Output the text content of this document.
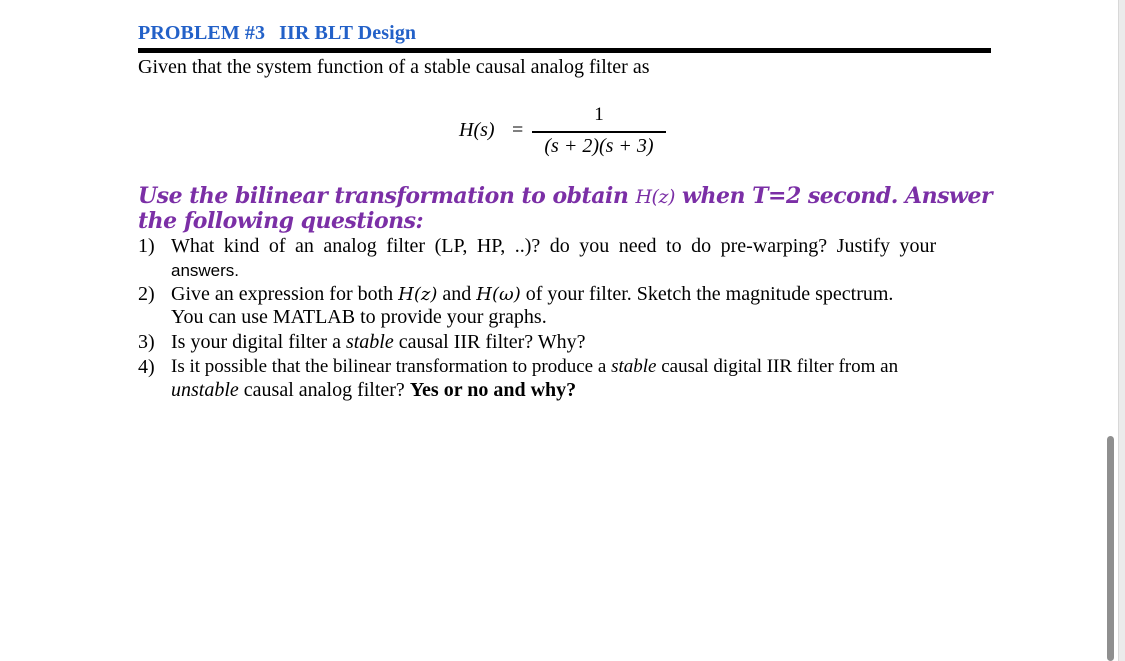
PROBLEM #3 IIR BLT Design
Given that the system function of a stable causal analog filter as
H(s) =
1
(s + 2)(s + 3)
Use the bilinear transformation to obtain H(z) when T=2 second. Answer the following questions:
1) What kind of an analog filter (LP, HP, ..)? do you need to do pre-warping? Justify your
answers.
2) Give an expression for both H(z) and H(ω) of your filter. Sketch the magnitude spectrum.
You can use MATLAB to provide your graphs.
3) Is your digital filter a stable causal IIR filter? Why?
4) Is it possible that the bilinear transformation to produce a stable causal digital IIR filter from an
unstable causal analog filter? Yes or no and why?
